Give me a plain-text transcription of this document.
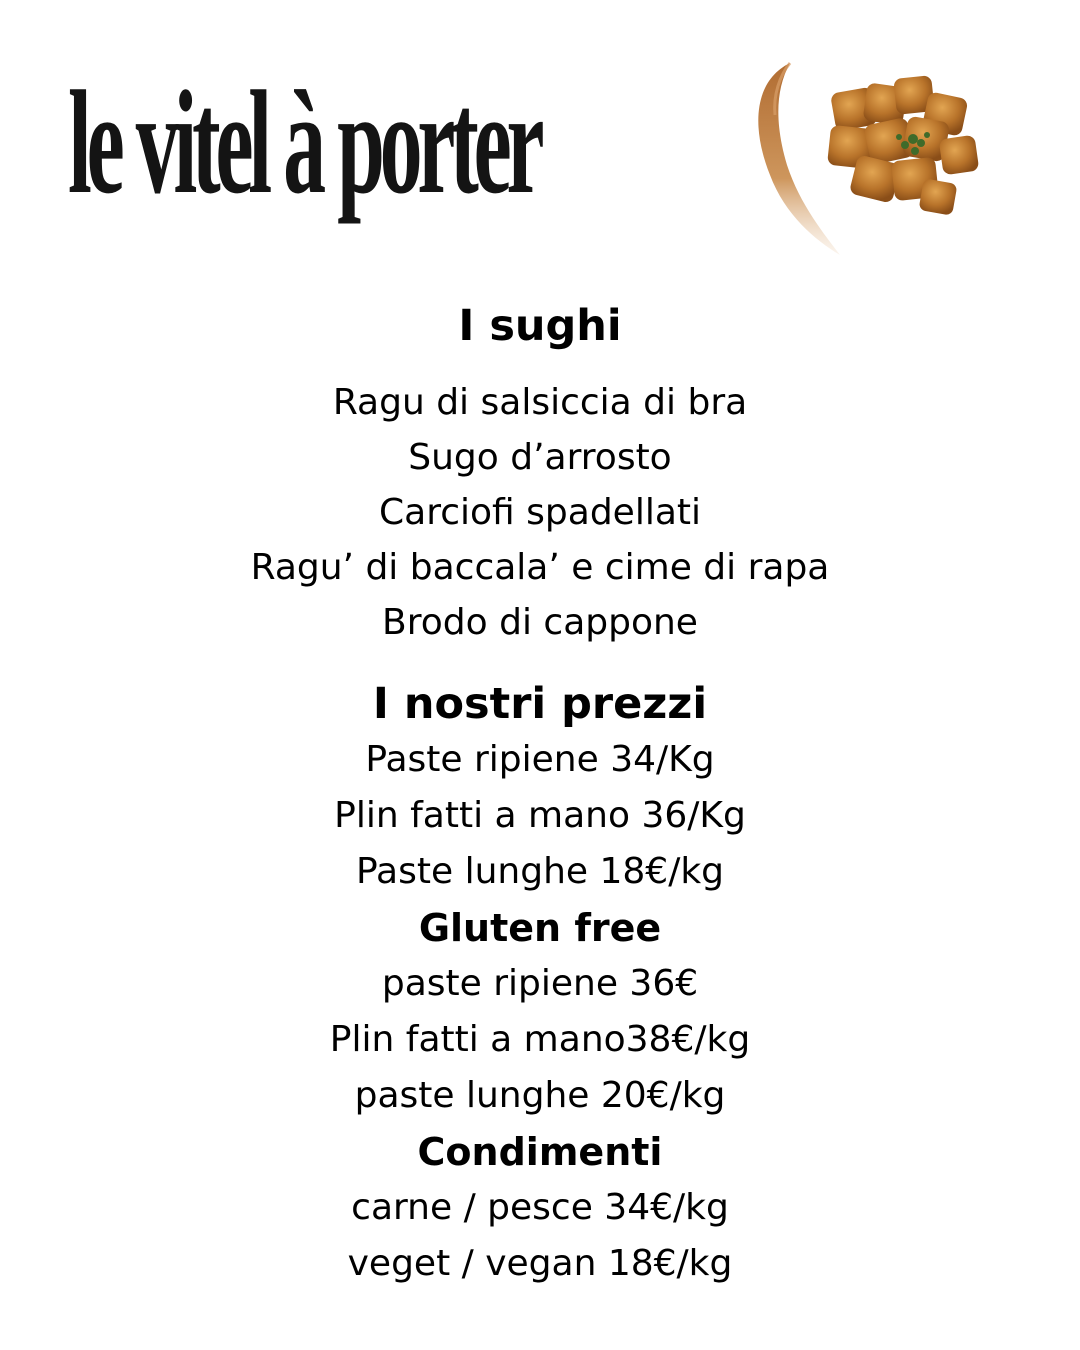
le vitel à porter
I sughi
Ragu di salsiccia di bra
Sugo d’arrosto
Carciofi spadellati
Ragu’ di baccala’ e cime di rapa
Brodo di cappone
I nostri prezzi
Paste ripiene 34/Kg
Plin fatti a mano 36/Kg
Paste lunghe 18€/kg
Gluten free
paste ripiene 36€
Plin fatti a mano38€/kg
paste lunghe 20€/kg
Condimenti
carne / pesce 34€/kg
veget / vegan 18€/kg
